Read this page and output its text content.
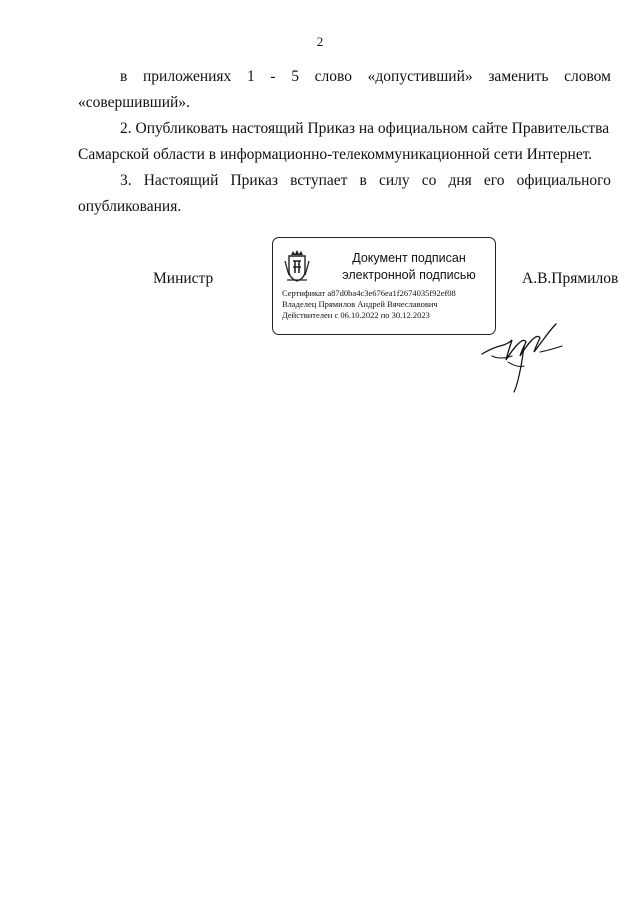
2
в приложениях 1 - 5 слово «допустивший» заменить словом
«совершивший».
2. Опубликовать настоящий Приказ на официальном сайте Правительства
Самарской области в информационно-телекоммуникационной сети Интернет.
3. Настоящий Приказ вступает в силу со дня его официального
опубликования.
Министр	А.В.Прямилов
Документ подписан
электронной подписью
Сертификат a87d0ba4c3e676ea1f2674035f92ef08
Владелец Прямилов Андрей Вячеславович
Действителен с 06.10.2022 по 30.12.2023
